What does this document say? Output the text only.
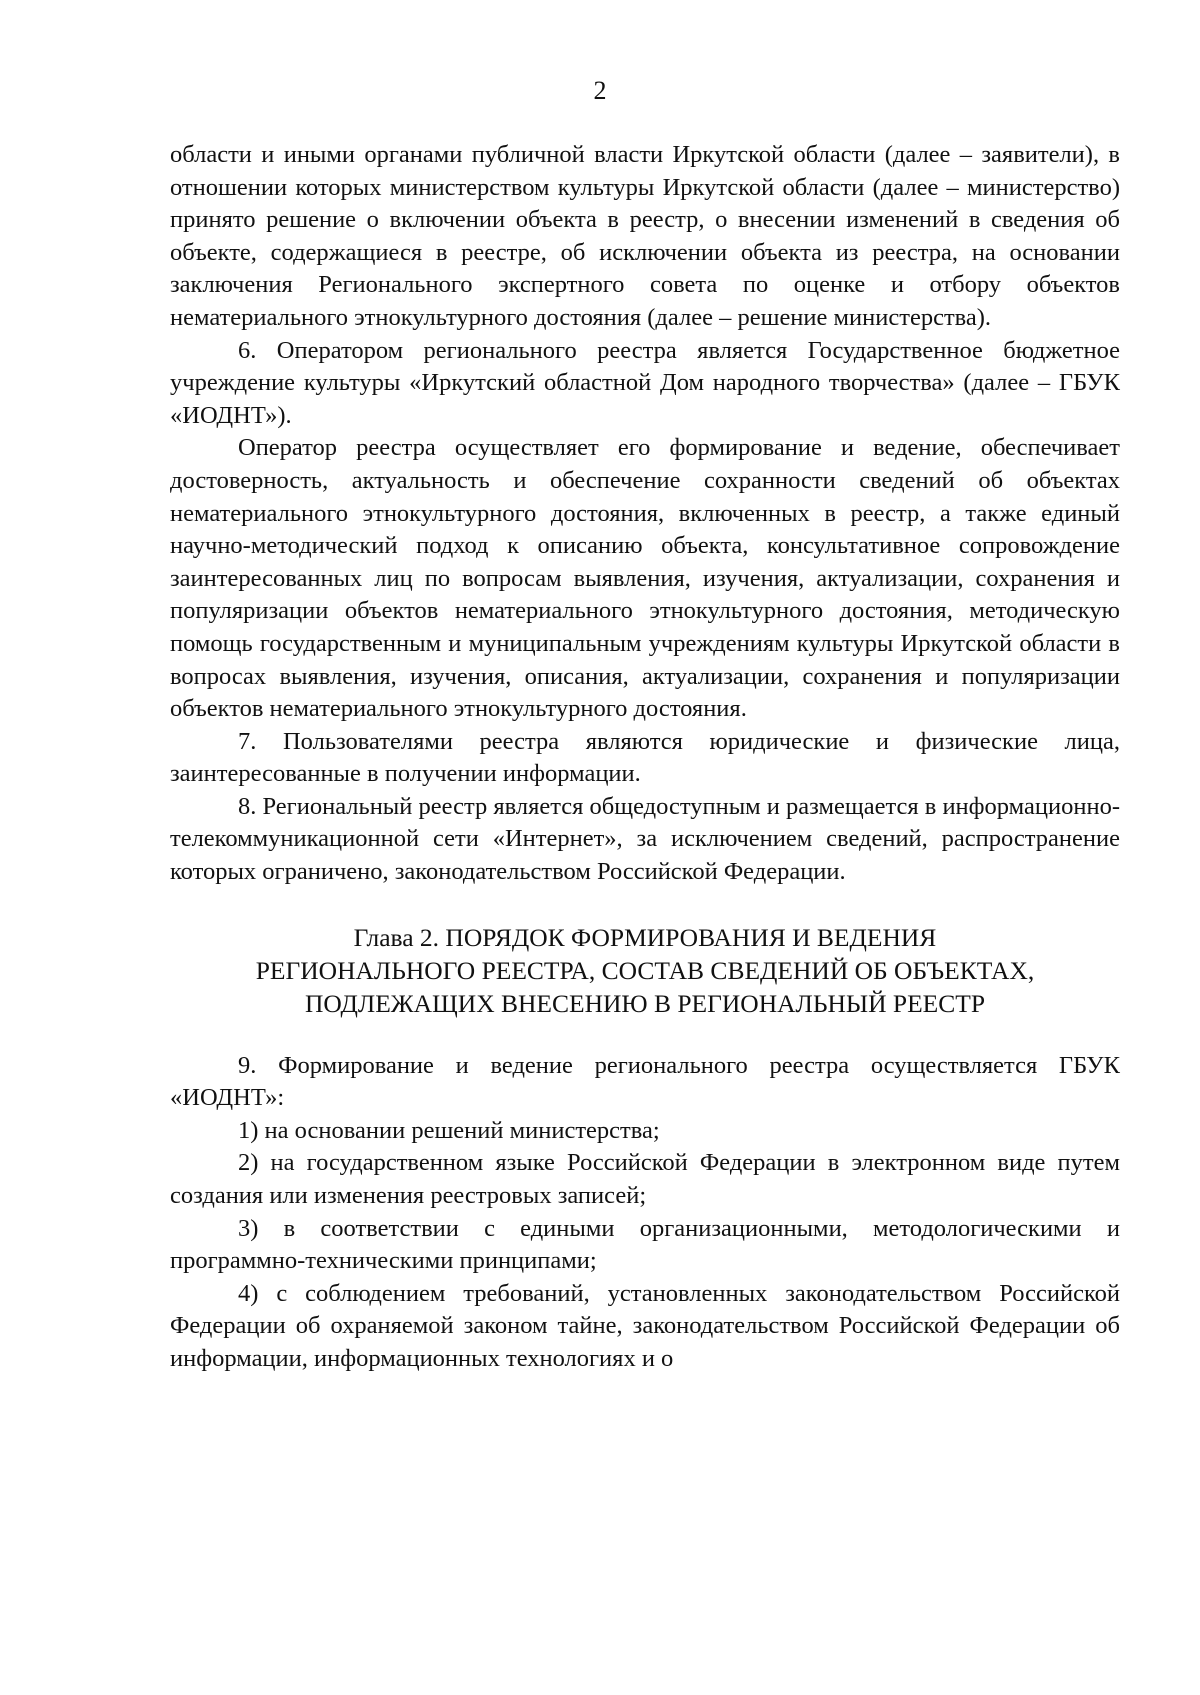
2

области и иными органами публичной власти Иркутской области (далее – заявители), в отношении которых министерством культуры Иркутской области (далее – министерство) принято решение о включении объекта в реестр, о внесении изменений в сведения об объекте, содержащиеся в реестре, об исключении объекта из реестра, на основании заключения Регионального экспертного совета по оценке и отбору объектов нематериального этнокультурного достояния (далее – решение министерства).

6. Оператором регионального реестра является Государственное бюджетное учреждение культуры «Иркутский областной Дом народного творчества» (далее – ГБУК «ИОДНТ»).

Оператор реестра осуществляет его формирование и ведение, обеспечивает достоверность, актуальность и обеспечение сохранности сведений об объектах нематериального этнокультурного достояния, включенных в реестр, а также единый научно-методический подход к описанию объекта, консультативное сопровождение заинтересованных лиц по вопросам выявления, изучения, актуализации, сохранения и популяризации объектов нематериального этнокультурного достояния, методическую помощь государственным и муниципальным учреждениям культуры Иркутской области в вопросах выявления, изучения, описания, актуализации, сохранения и популяризации объектов нематериального этнокультурного достояния.

7. Пользователями реестра являются юридические и физические лица, заинтересованные в получении информации.

8. Региональный реестр является общедоступным и размещается в информационно-телекоммуникационной сети «Интернет», за исключением сведений, распространение которых ограничено, законодательством Российской Федерации.

Глава 2. ПОРЯДОК ФОРМИРОВАНИЯ И ВЕДЕНИЯ
РЕГИОНАЛЬНОГО РЕЕСТРА, СОСТАВ СВЕДЕНИЙ ОБ ОБЪЕКТАХ,
ПОДЛЕЖАЩИХ ВНЕСЕНИЮ В РЕГИОНАЛЬНЫЙ РЕЕСТР

9. Формирование и ведение регионального реестра осуществляется ГБУК «ИОДНТ»:

1) на основании решений министерства;

2) на государственном языке Российской Федерации в электронном виде путем создания или изменения реестровых записей;

3) в соответствии с едиными организационными, методологическими и программно-техническими принципами;

4) с соблюдением требований, установленных законодательством Российской Федерации об охраняемой законом тайне, законодательством Российской Федерации об информации, информационных технологиях и о
